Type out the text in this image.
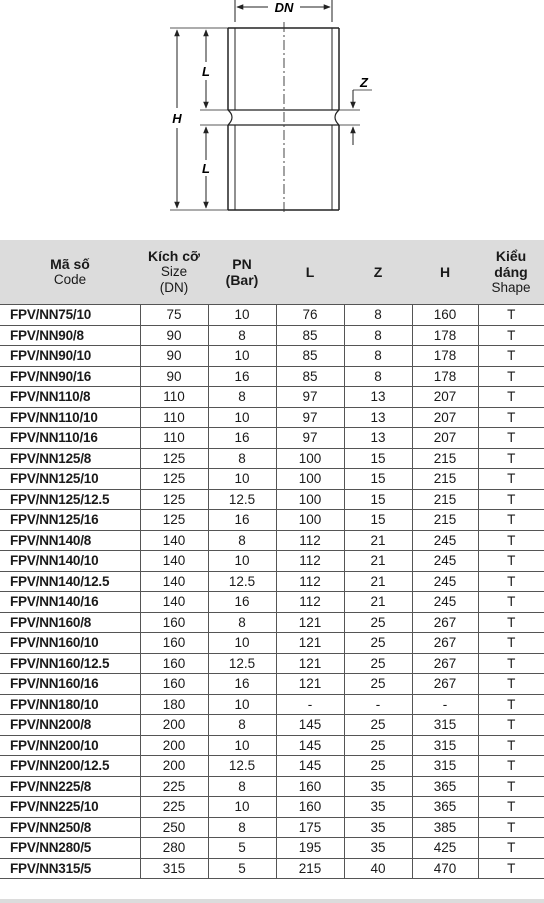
DN
H
L
L
Z
Mã số
Code	Kích cỡ
Size
(DN)	PN
(Bar)	L	Z	H	Kiểu
dáng
Shape

FPV/NN75/10	75	10	76	8	160	T
FPV/NN90/8	90	8	85	8	178	T
FPV/NN90/10	90	10	85	8	178	T
FPV/NN90/16	90	16	85	8	178	T
FPV/NN110/8	110	8	97	13	207	T
FPV/NN110/10	110	10	97	13	207	T
FPV/NN110/16	110	16	97	13	207	T
FPV/NN125/8	125	8	100	15	215	T
FPV/NN125/10	125	10	100	15	215	T
FPV/NN125/12.5	125	12.5	100	15	215	T
FPV/NN125/16	125	16	100	15	215	T
FPV/NN140/8	140	8	112	21	245	T
FPV/NN140/10	140	10	112	21	245	T
FPV/NN140/12.5	140	12.5	112	21	245	T
FPV/NN140/16	140	16	112	21	245	T
FPV/NN160/8	160	8	121	25	267	T
FPV/NN160/10	160	10	121	25	267	T
FPV/NN160/12.5	160	12.5	121	25	267	T
FPV/NN160/16	160	16	121	25	267	T
FPV/NN180/10	180	10	-	-	-	T
FPV/NN200/8	200	8	145	25	315	T
FPV/NN200/10	200	10	145	25	315	T
FPV/NN200/12.5	200	12.5	145	25	315	T
FPV/NN225/8	225	8	160	35	365	T
FPV/NN225/10	225	10	160	35	365	T
FPV/NN250/8	250	8	175	35	385	T
FPV/NN280/5	280	5	195	35	425	T
FPV/NN315/5	315	5	215	40	470	T
